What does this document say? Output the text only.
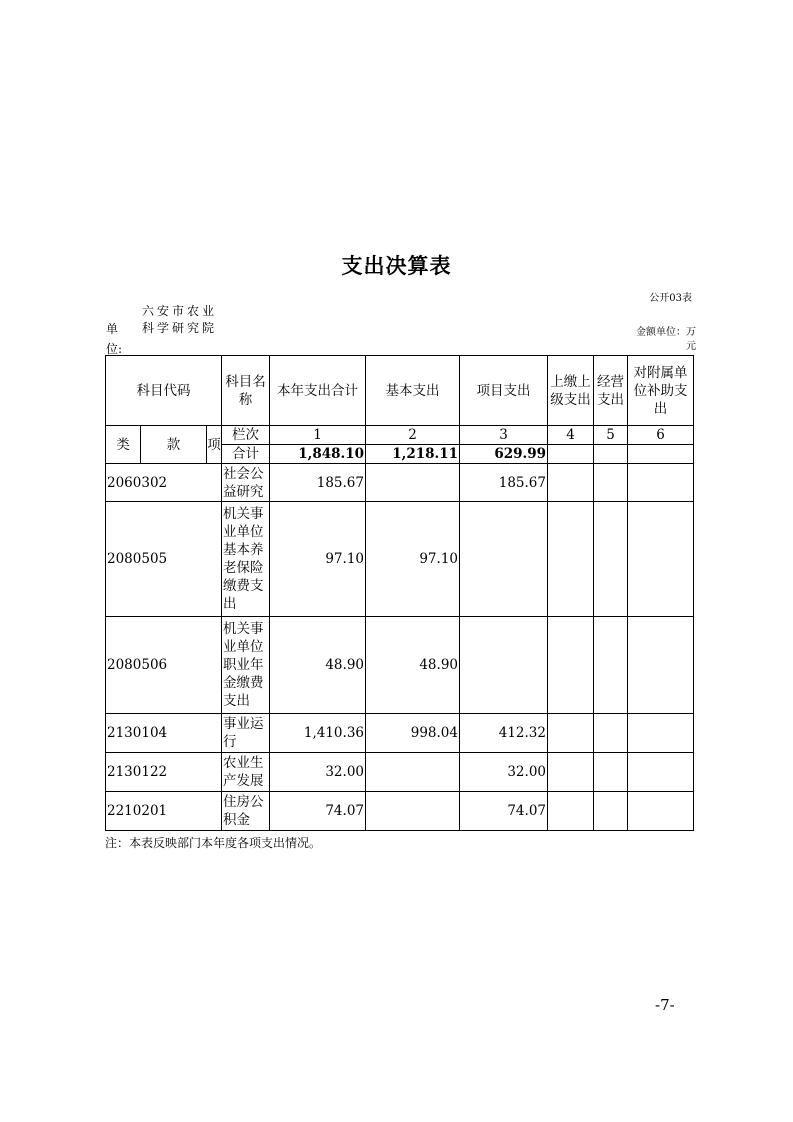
支出决算表
公开03表
单
位:
六安市农业科学研究院	金额单位：万元
科目代码			科目名称	本年支出合计	基本支出	项目支出	上缴上级支出	经营支出	对附属单位补助支出
类	款	项	栏次	1	2	3	4	5	6
			合计	1,848.10	1,218.11	629.99			
2060302			社会公益研究	185.67		185.67			
2080505			机关事业单位基本养老保险缴费支出	97.10	97.10				
2080506			机关事业单位职业年金缴费支出	48.90	48.90				
2130104			事业运行	1,410.36	998.04	412.32			
2130122			农业生产发展	32.00		32.00			
2210201			住房公积金	74.07		74.07			
注：本表反映部门本年度各项支出情况。
-7-
